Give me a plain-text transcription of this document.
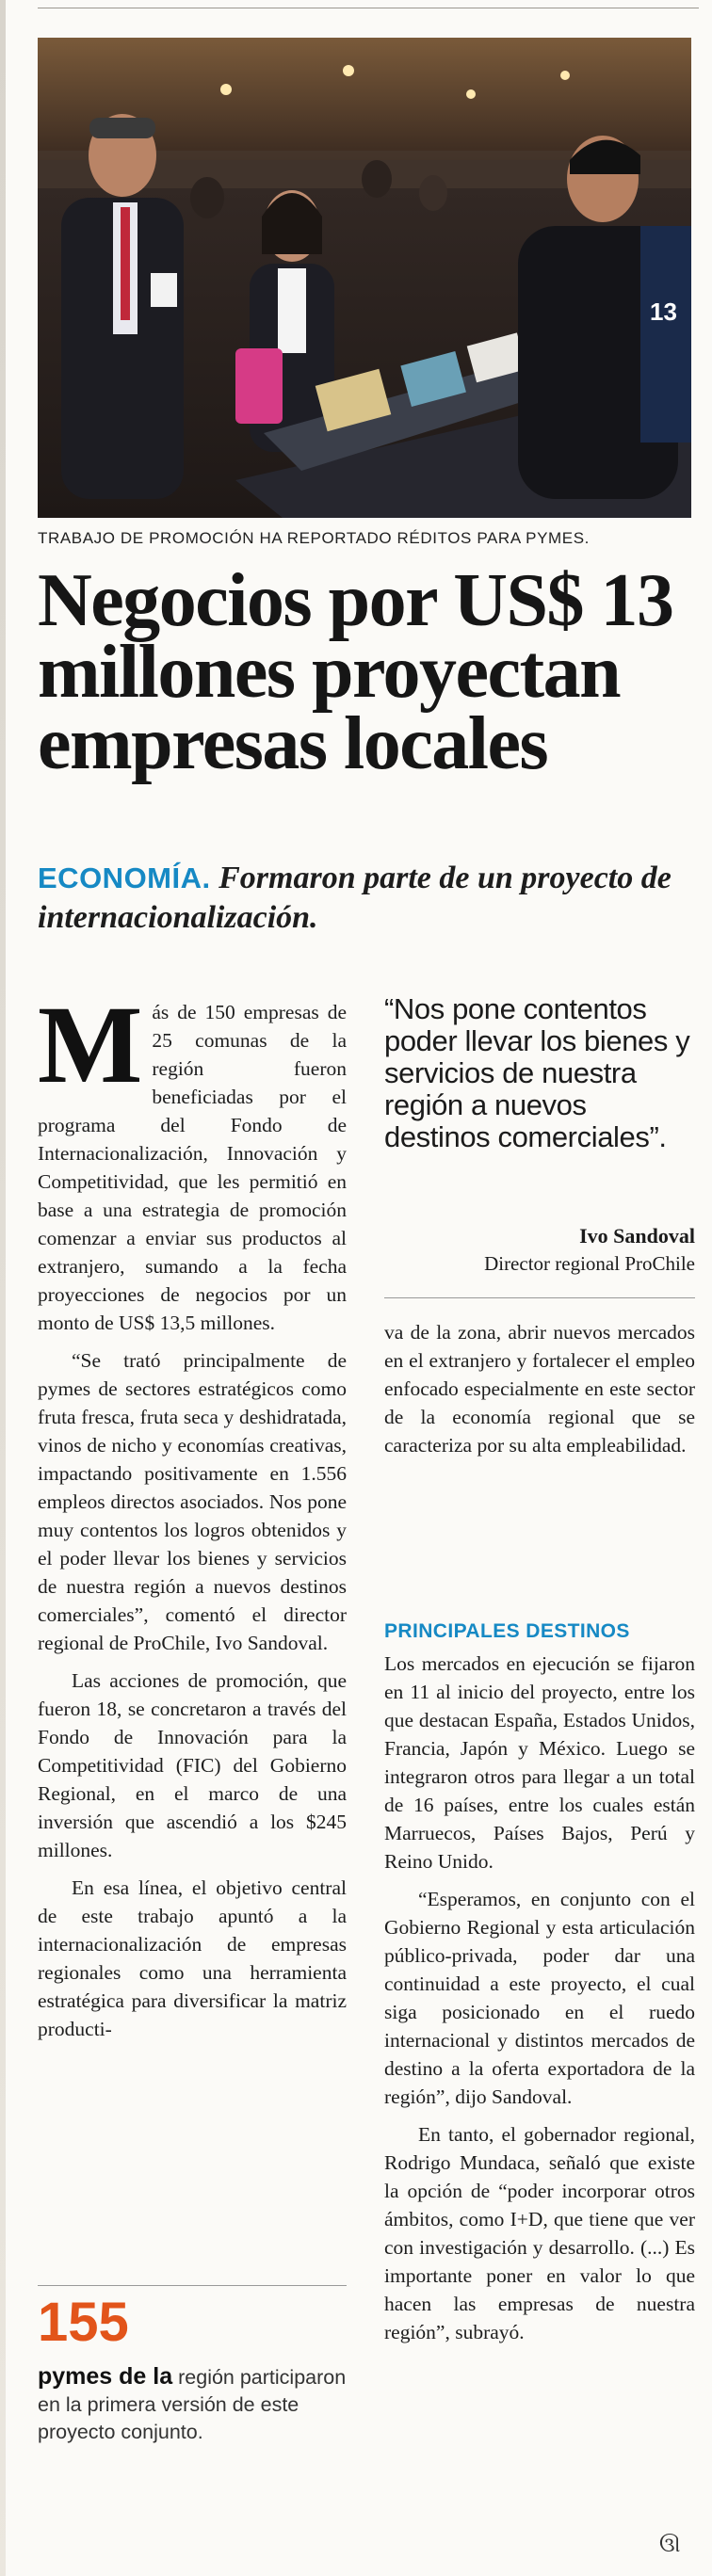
13
TRABAJO DE PROMOCIÓN HA REPORTADO RÉDITOS PARA PYMES.
Negocios por US$ 13 millones proyectan empresas locales
ECONOMÍA. Formaron parte de un proyecto de internacionalización.

Más de 150 empresas de 25 comunas de la región fueron beneficiadas por el programa del Fondo de Internacionalización, Innovación y Competitividad, que les permitió en base a una estrategia de promoción comenzar a enviar sus productos al extranjero, sumando a la fecha proyecciones de negocios por un monto de US$ 13,5 millones.

“Se trató principalmente de pymes de sectores estratégicos como fruta fresca, fruta seca y deshidratada, vinos de nicho y economías creativas, impactando positivamente en 1.556 empleos directos asociados. Nos pone muy contentos los logros obtenidos y el poder llevar los bienes y servicios de nuestra región a nuevos destinos comerciales”, comentó el director regional de ProChile, Ivo Sandoval.

Las acciones de promoción, que fueron 18, se concretaron a través del Fondo de Innovación para la Competitividad (FIC) del Gobierno Regional, en el marco de una inversión que ascendió a los $245 millones.

En esa línea, el objetivo central de este trabajo apuntó a la internacionalización de empresas regionales como una herramienta estratégica para diversificar la matriz producti-

“Nos pone contentos poder llevar los bienes y servicios de nuestra región a nuevos destinos comerciales”.
Ivo Sandoval
Director regional ProChile

va de la zona, abrir nuevos mercados en el extranjero y fortalecer el empleo enfocado especialmente en este sector de la economía regional que se caracteriza por su alta empleabilidad.

PRINCIPALES DESTINOS

Los mercados en ejecución se fijaron en 11 al inicio del proyecto, entre los que destacan España, Estados Unidos, Francia, Japón y México. Luego se integraron otros para llegar a un total de 16 países, entre los cuales están Marruecos, Países Bajos, Perú y Reino Unido.

“Esperamos, en conjunto con el Gobierno Regional y esta articulación público-privada, poder dar una continuidad a este proyecto, el cual siga posicionado en el ruedo internacional y distintos mercados de destino a la oferta exportadora de la región”, dijo Sandoval.

En tanto, el gobernador regional, Rodrigo Mundaca, señaló que existe la opción de “poder incorporar otros ámbitos, como I+D, que tiene que ver con investigación y desarrollo. (...) Es importante poner en valor lo que hacen las empresas de nuestra región”, subrayó.

155
pymes de la región participaron en la primera versión de este proyecto conjunto.
ઊ
